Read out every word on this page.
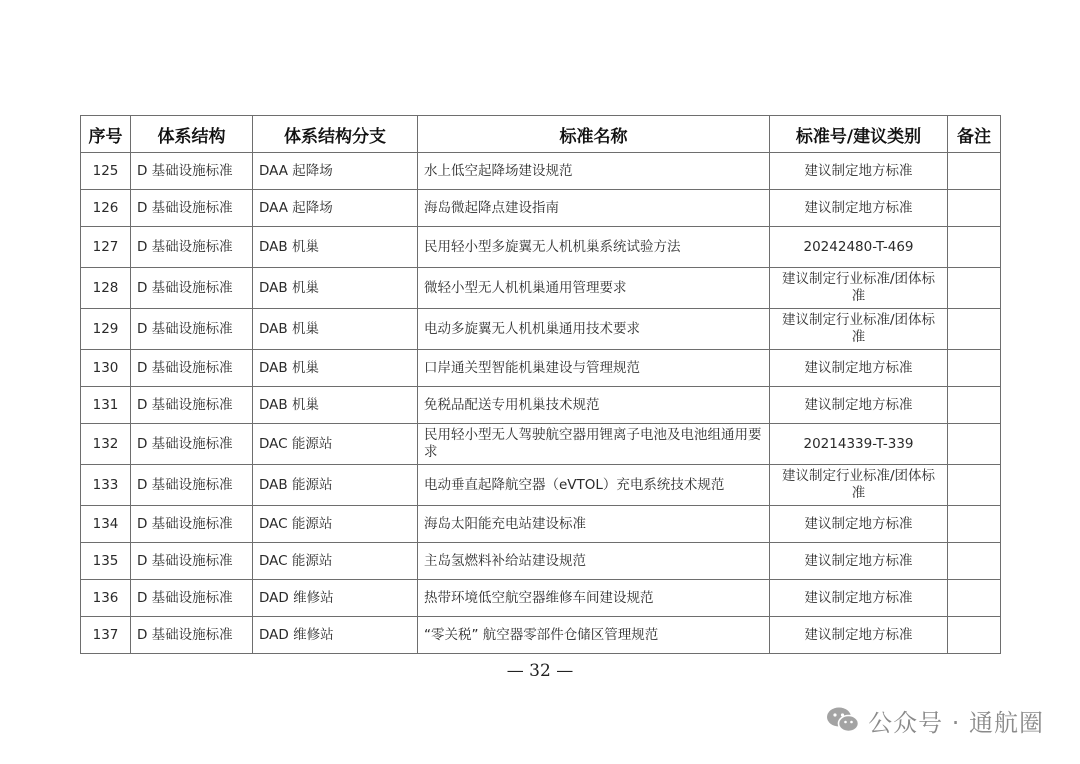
序号	体系结构	体系结构分支	标准名称	标准号/建议类别	备注
125	D 基础设施标准	DAA 起降场	水上低空起降场建设规范	建议制定地方标准	
126	D 基础设施标准	DAA 起降场	海岛微起降点建设指南	建议制定地方标准	
127	D 基础设施标准	DAB 机巢	民用轻小型多旋翼无人机机巢系统试验方法	20242480-T-469	
128	D 基础设施标准	DAB 机巢	微轻小型无人机机巢通用管理要求	建议制定行业标准/团体标准	
129	D 基础设施标准	DAB 机巢	电动多旋翼无人机机巢通用技术要求	建议制定行业标准/团体标准	
130	D 基础设施标准	DAB 机巢	口岸通关型智能机巢建设与管理规范	建议制定地方标准	
131	D 基础设施标准	DAB 机巢	免税品配送专用机巢技术规范	建议制定地方标准	
132	D 基础设施标准	DAC 能源站	民用轻小型无人驾驶航空器用锂离子电池及电池组通用要求	20214339-T-339	
133	D 基础设施标准	DAB 能源站	电动垂直起降航空器（eVTOL）充电系统技术规范	建议制定行业标准/团体标准	
134	D 基础设施标准	DAC 能源站	海岛太阳能充电站建设标准	建议制定地方标准	
135	D 基础设施标准	DAC 能源站	主岛氢燃料补给站建设规范	建议制定地方标准	
136	D 基础设施标准	DAD 维修站	热带环境低空航空器维修车间建设规范	建议制定地方标准	
137	D 基础设施标准	DAD 维修站	“零关税” 航空器零部件仓储区管理规范	建议制定地方标准	
— 32 —
公众号 · 通航圈
